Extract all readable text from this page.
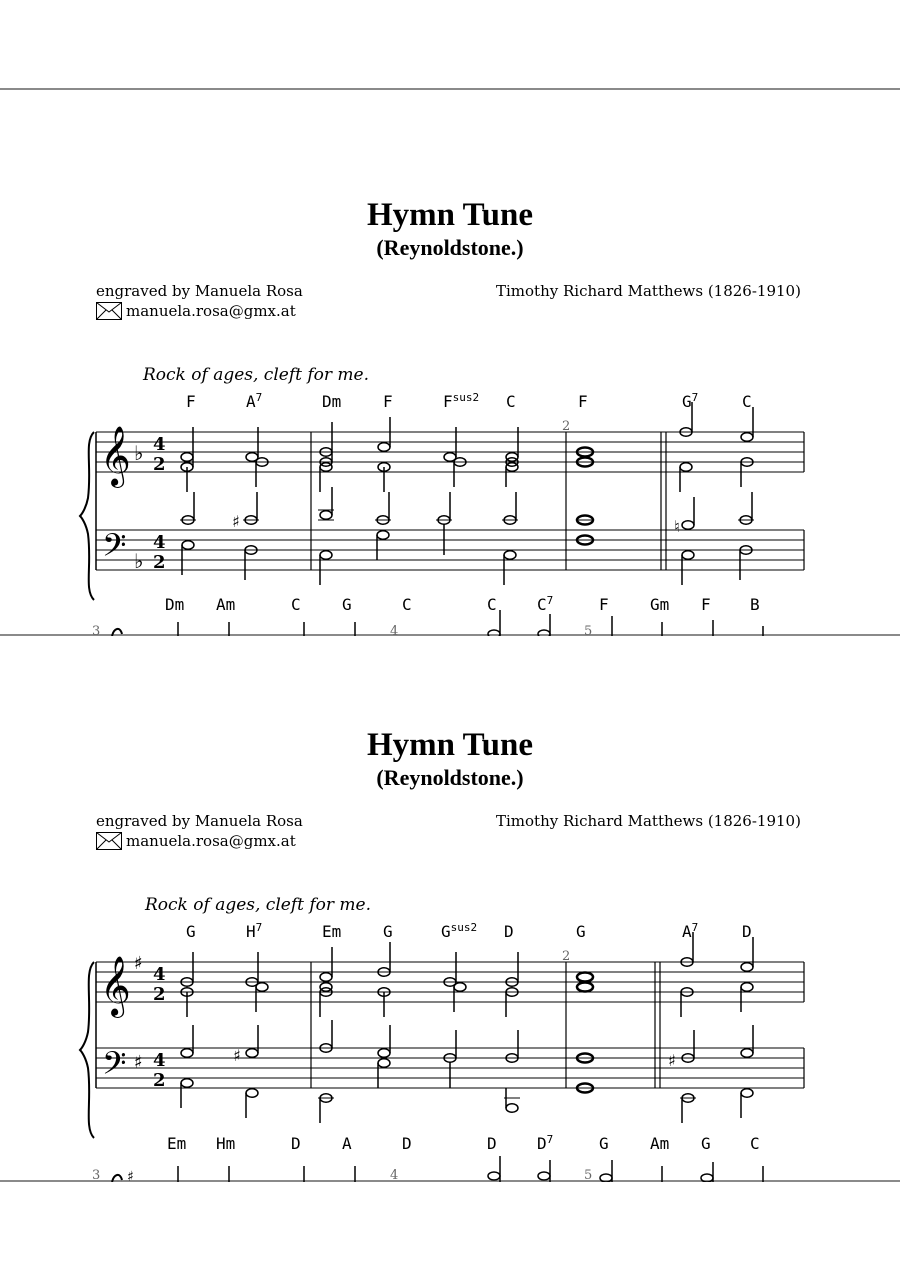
Hymn Tune
(Reynoldstone.)
engraved by Manuela Rosa	Timothy Richard Matthews (1826-1910)
manuela.rosa@gmx.at
Rock of ages, cleft for me.
F	$A^7$	Dm	F	$F^{sus2}$ C	F	$G^7$	C
Dm Am	C	G	C	C	$C^7$	F	Gm F B
𝄞
𝄢
♭
♭
4
2
4
2
2
3	4	5
♯	♮
Hymn Tune
(Reynoldstone.)
engraved by Manuela Rosa	Timothy Richard Matthews (1826-1910)
manuela.rosa@gmx.at
Rock of ages, cleft for me.
G	$H^7$	Em	G	$G^{sus2}$ D	G	$A^7$	D
Em Hm	D	A	D	D	$D^7$	G	Am G C
𝄞
𝄢
♯
♯
4
2
4
2
2
3	4	5
♯	♯
♯
